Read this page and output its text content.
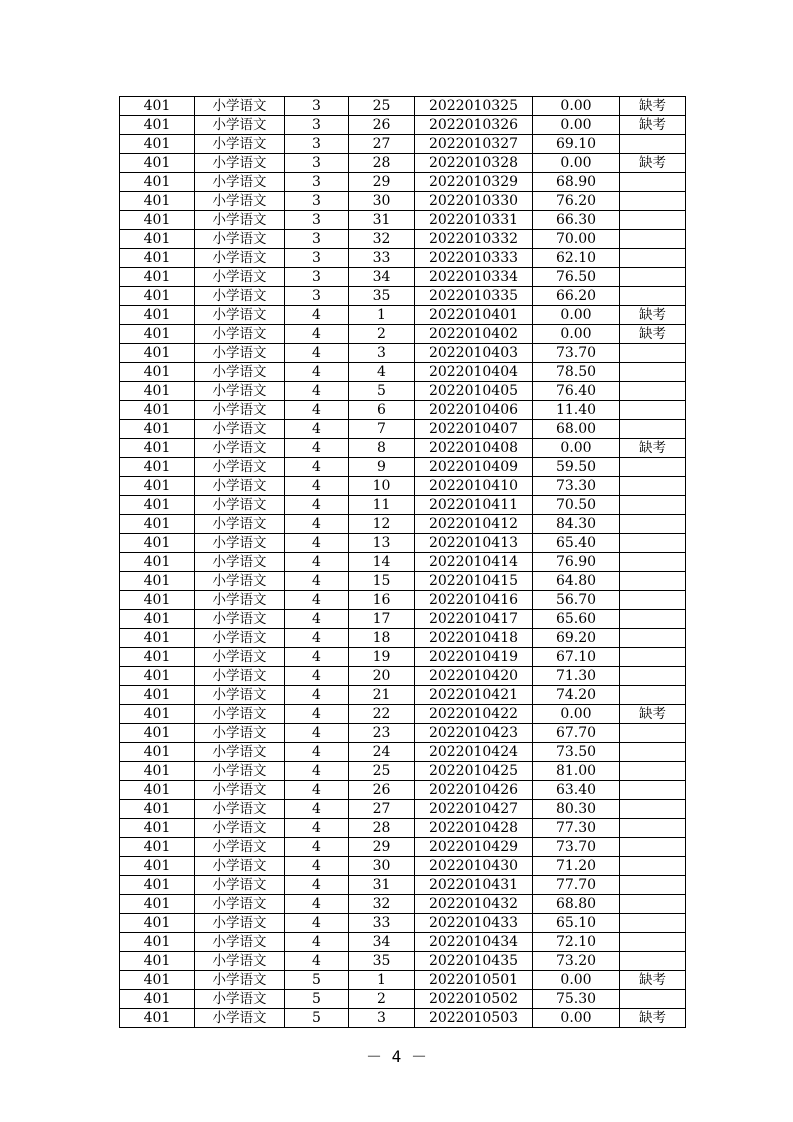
401	小学语文	3	25	2022010325	0.00	缺考
401	小学语文	3	26	2022010326	0.00	缺考
401	小学语文	3	27	2022010327	69.10	
401	小学语文	3	28	2022010328	0.00	缺考
401	小学语文	3	29	2022010329	68.90	
401	小学语文	3	30	2022010330	76.20	
401	小学语文	3	31	2022010331	66.30	
401	小学语文	3	32	2022010332	70.00	
401	小学语文	3	33	2022010333	62.10	
401	小学语文	3	34	2022010334	76.50	
401	小学语文	3	35	2022010335	66.20	
401	小学语文	4	1	2022010401	0.00	缺考
401	小学语文	4	2	2022010402	0.00	缺考
401	小学语文	4	3	2022010403	73.70	
401	小学语文	4	4	2022010404	78.50	
401	小学语文	4	5	2022010405	76.40	
401	小学语文	4	6	2022010406	11.40	
401	小学语文	4	7	2022010407	68.00	
401	小学语文	4	8	2022010408	0.00	缺考
401	小学语文	4	9	2022010409	59.50	
401	小学语文	4	10	2022010410	73.30	
401	小学语文	4	11	2022010411	70.50	
401	小学语文	4	12	2022010412	84.30	
401	小学语文	4	13	2022010413	65.40	
401	小学语文	4	14	2022010414	76.90	
401	小学语文	4	15	2022010415	64.80	
401	小学语文	4	16	2022010416	56.70	
401	小学语文	4	17	2022010417	65.60	
401	小学语文	4	18	2022010418	69.20	
401	小学语文	4	19	2022010419	67.10	
401	小学语文	4	20	2022010420	71.30	
401	小学语文	4	21	2022010421	74.20	
401	小学语文	4	22	2022010422	0.00	缺考
401	小学语文	4	23	2022010423	67.70	
401	小学语文	4	24	2022010424	73.50	
401	小学语文	4	25	2022010425	81.00	
401	小学语文	4	26	2022010426	63.40	
401	小学语文	4	27	2022010427	80.30	
401	小学语文	4	28	2022010428	77.30	
401	小学语文	4	29	2022010429	73.70	
401	小学语文	4	30	2022010430	71.20	
401	小学语文	4	31	2022010431	77.70	
401	小学语文	4	32	2022010432	68.80	
401	小学语文	4	33	2022010433	65.10	
401	小学语文	4	34	2022010434	72.10	
401	小学语文	4	35	2022010435	73.20	
401	小学语文	5	1	2022010501	0.00	缺考
401	小学语文	5	2	2022010502	75.30	
401	小学语文	5	3	2022010503	0.00	缺考
－ 4 －
